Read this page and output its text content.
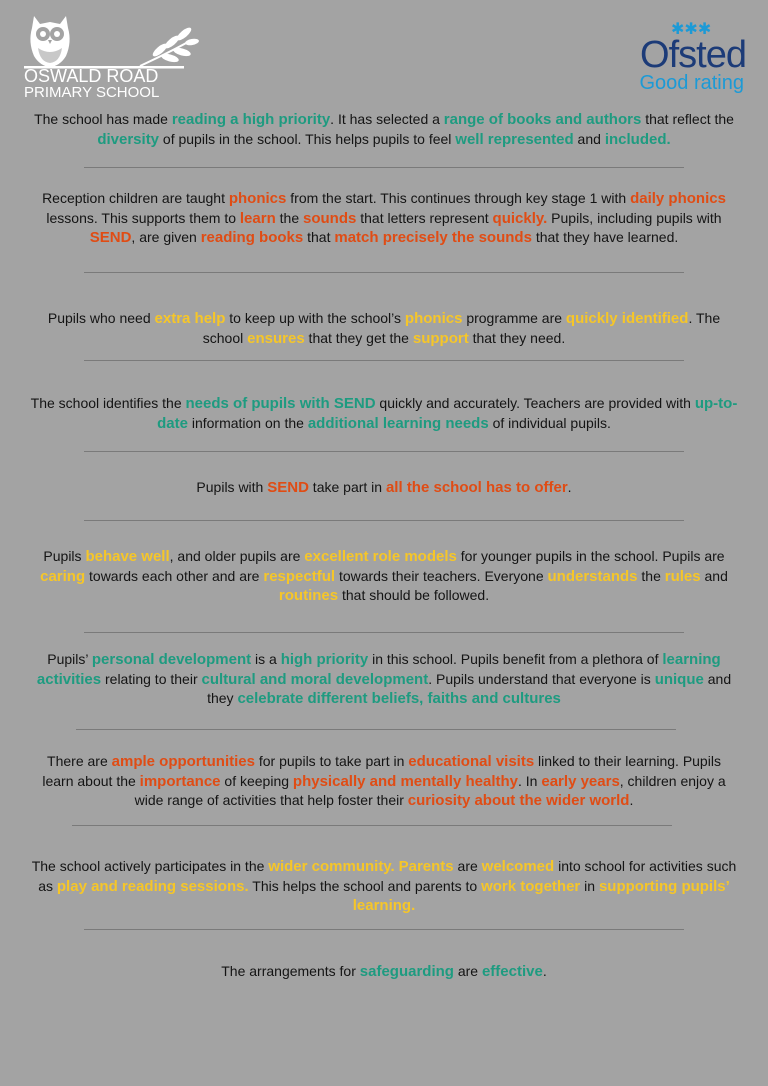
OSWALD ROAD
PRIMARY SCHOOL
✱✱✱
Ofsted
Good rating
The school has made reading a high priority. It has selected a range of books and authors that reflect the diversity of pupils in the school. This helps pupils to feel well represented and included.
Reception children are taught phonics from the start. This continues through key stage 1 with daily phonics lessons. This supports them to learn the sounds that letters represent quickly. Pupils, including pupils with SEND, are given reading books that match precisely the sounds that they have learned.
Pupils who need extra help to keep up with the school’s phonics programme are quickly identified. The school ensures that they get the support that they need.
The school identifies the needs of pupils with SEND quickly and accurately. Teachers are provided with up-to-date information on the additional learning needs of individual pupils.
Pupils with SEND take part in all the school has to offer.
Pupils behave well, and older pupils are excellent role models for younger pupils in the school. Pupils are caring towards each other and are respectful towards their teachers. Everyone understands the rules and routines that should be followed.
Pupils’ personal development is a high priority in this school. Pupils benefit from a plethora of learning activities relating to their cultural and moral development. Pupils understand that everyone is unique and they celebrate different beliefs, faiths and cultures
There are ample opportunities for pupils to take part in educational visits linked to their learning. Pupils learn about the importance of keeping physically and mentally healthy. In early years, children enjoy a wide range of activities that help foster their curiosity about the wider world.
The school actively participates in the wider community. Parents are welcomed into school for activities such as play and reading sessions. This helps the school and parents to work together in supporting pupils’ learning.
The arrangements for safeguarding are effective.
